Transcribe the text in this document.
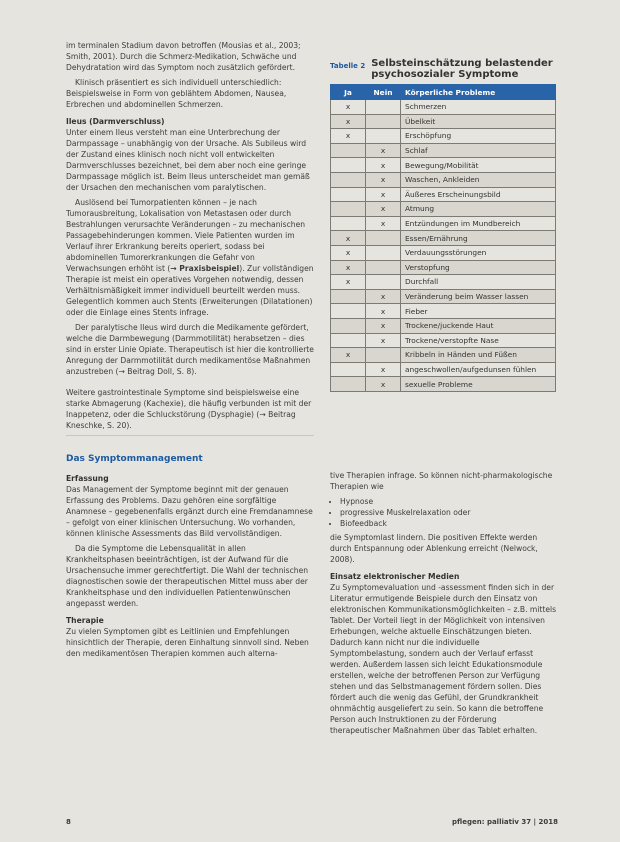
im terminalen Stadium davon betroffen (Mousias et al., 2003; Smith, 2001). Durch die Schmerz-Medikation, Schwäche und Dehydratation wird das Symptom noch zusätzlich gefördert.

Klinisch präsentiert es sich individuell unterschiedlich: Beispielsweise in Form von geblähtem Abdomen, Nausea, Erbrechen und abdominellen Schmerzen.

Ileus (Darmverschluss)

Unter einem Ileus versteht man eine Unterbrechung der Darmpassage – unabhängig von der Ursache. Als Subileus wird der Zustand eines klinisch noch nicht voll entwickelten Darmverschlusses bezeichnet, bei dem aber noch eine geringe Darmpassage möglich ist. Beim Ileus unterscheidet man gemäß der Ursachen den mechanischen vom paralytischen.

Auslösend bei Tumorpatienten können – je nach Tumorausbreitung, Lokalisation von Metastasen oder durch Bestrahlungen verursachte Veränderungen – zu mechanischen Passagebehinderungen kommen. Viele Patienten wurden im Verlauf ihrer Erkrankung bereits operiert, sodass bei abdominellen Tumorerkrankungen die Gefahr von Verwachsungen erhöht ist (→ Praxisbeispiel). Zur vollständigen Therapie ist meist ein operatives Vorgehen notwendig, dessen Verhältnismäßigkeit immer individuell beurteilt werden muss. Gelegentlich kommen auch Stents (Erweiterungen (Dilatationen) oder die Einlage eines Stents infrage.

Der paralytische Ileus wird durch die Medikamente gefördert, welche die Darmbewegung (Darmmotilität) herabsetzen – dies sind in erster Linie Opiate. Therapeutisch ist hier die kontrollierte Anregung der Darmmotilität durch medikamentöse Maßnahmen anzustreben (→ Beitrag Doll, S. 8).

Weitere gastrointestinale Symptome sind beispielsweise eine starke Abmagerung (Kachexie), die häufig verbunden ist mit der Inappetenz, oder die Schluckstörung (Dysphagie) (→ Beitrag Kneschke, S. 20).

Das Symptommanagement
Erfassung

Das Management der Symptome beginnt mit der genauen Erfassung des Problems. Dazu gehören eine sorgfältige Anamnese – gegebenenfalls ergänzt durch eine Fremdanamnese – gefolgt von einer klinischen Untersuchung. Wo vorhanden, können klinische Assessments das Bild vervollständigen.

Da die Symptome die Lebensqualität in allen Krankheitsphasen beeinträchtigen, ist der Aufwand für die Ursachensuche immer gerechtfertigt. Die Wahl der technischen diagnostischen sowie der therapeutischen Mittel muss aber der Krankheitsphase und den individuellen Patientenwünschen angepasst werden.

Therapie

Zu vielen Symptomen gibt es Leitlinien und Empfehlungen hinsichtlich der Therapie, deren Einhaltung sinnvoll sind. Neben den medikamentösen Therapien kommen auch alterna-

Tabelle 2 Selbsteinschätzung belastender psychosozialer Symptome
Ja	Nein	Körperliche Probleme
x		Schmerzen
x		Übelkeit
x		Erschöpfung
	x	Schlaf
	x	Bewegung/Mobilität
	x	Waschen, Ankleiden
	x	Äußeres Erscheinungsbild
	x	Atmung
	x	Entzündungen im Mundbereich
x		Essen/Ernährung
x		Verdauungsstörungen
x		Verstopfung
x		Durchfall
	x	Veränderung beim Wasser lassen
	x	Fieber
	x	Trockene/juckende Haut
	x	Trockene/verstopfte Nase
x		Kribbeln in Händen und Füßen
	x	angeschwollen/aufgedunsen fühlen
	x	sexuelle Probleme

tive Therapien infrage. So können nicht-pharmakologische Therapien wie

• Hypnose
• progressive Muskelrelaxation oder
• Biofeedback

die Symptomlast lindern. Die positiven Effekte werden durch Entspannung oder Ablenkung erreicht (Nelwock, 2008).

Einsatz elektronischer Medien

Zu Symptomevaluation und -assessment finden sich in der Literatur ermutigende Beispiele durch den Einsatz von elektronischen Kommunikationsmöglichkeiten – z.B. mittels Tablet. Der Vorteil liegt in der Möglichkeit von intensiven Erhebungen, welche aktuelle Einschätzungen bieten. Dadurch kann nicht nur die individuelle Symptombelastung, sondern auch der Verlauf erfasst werden. Außerdem lassen sich leicht Edukationsmodule erstellen, welche der betroffenen Person zur Verfügung stehen und das Selbstmanagement fördern sollen. Dies fördert auch die wenig das Gefühl, der Grundkrankheit ohnmächtig ausgeliefert zu sein. So kann die betroffene Person auch Instruktionen zu der Förderung therapeutischer Maßnahmen über das Tablet erhalten.

8	pflegen: palliativ 37 | 2018
